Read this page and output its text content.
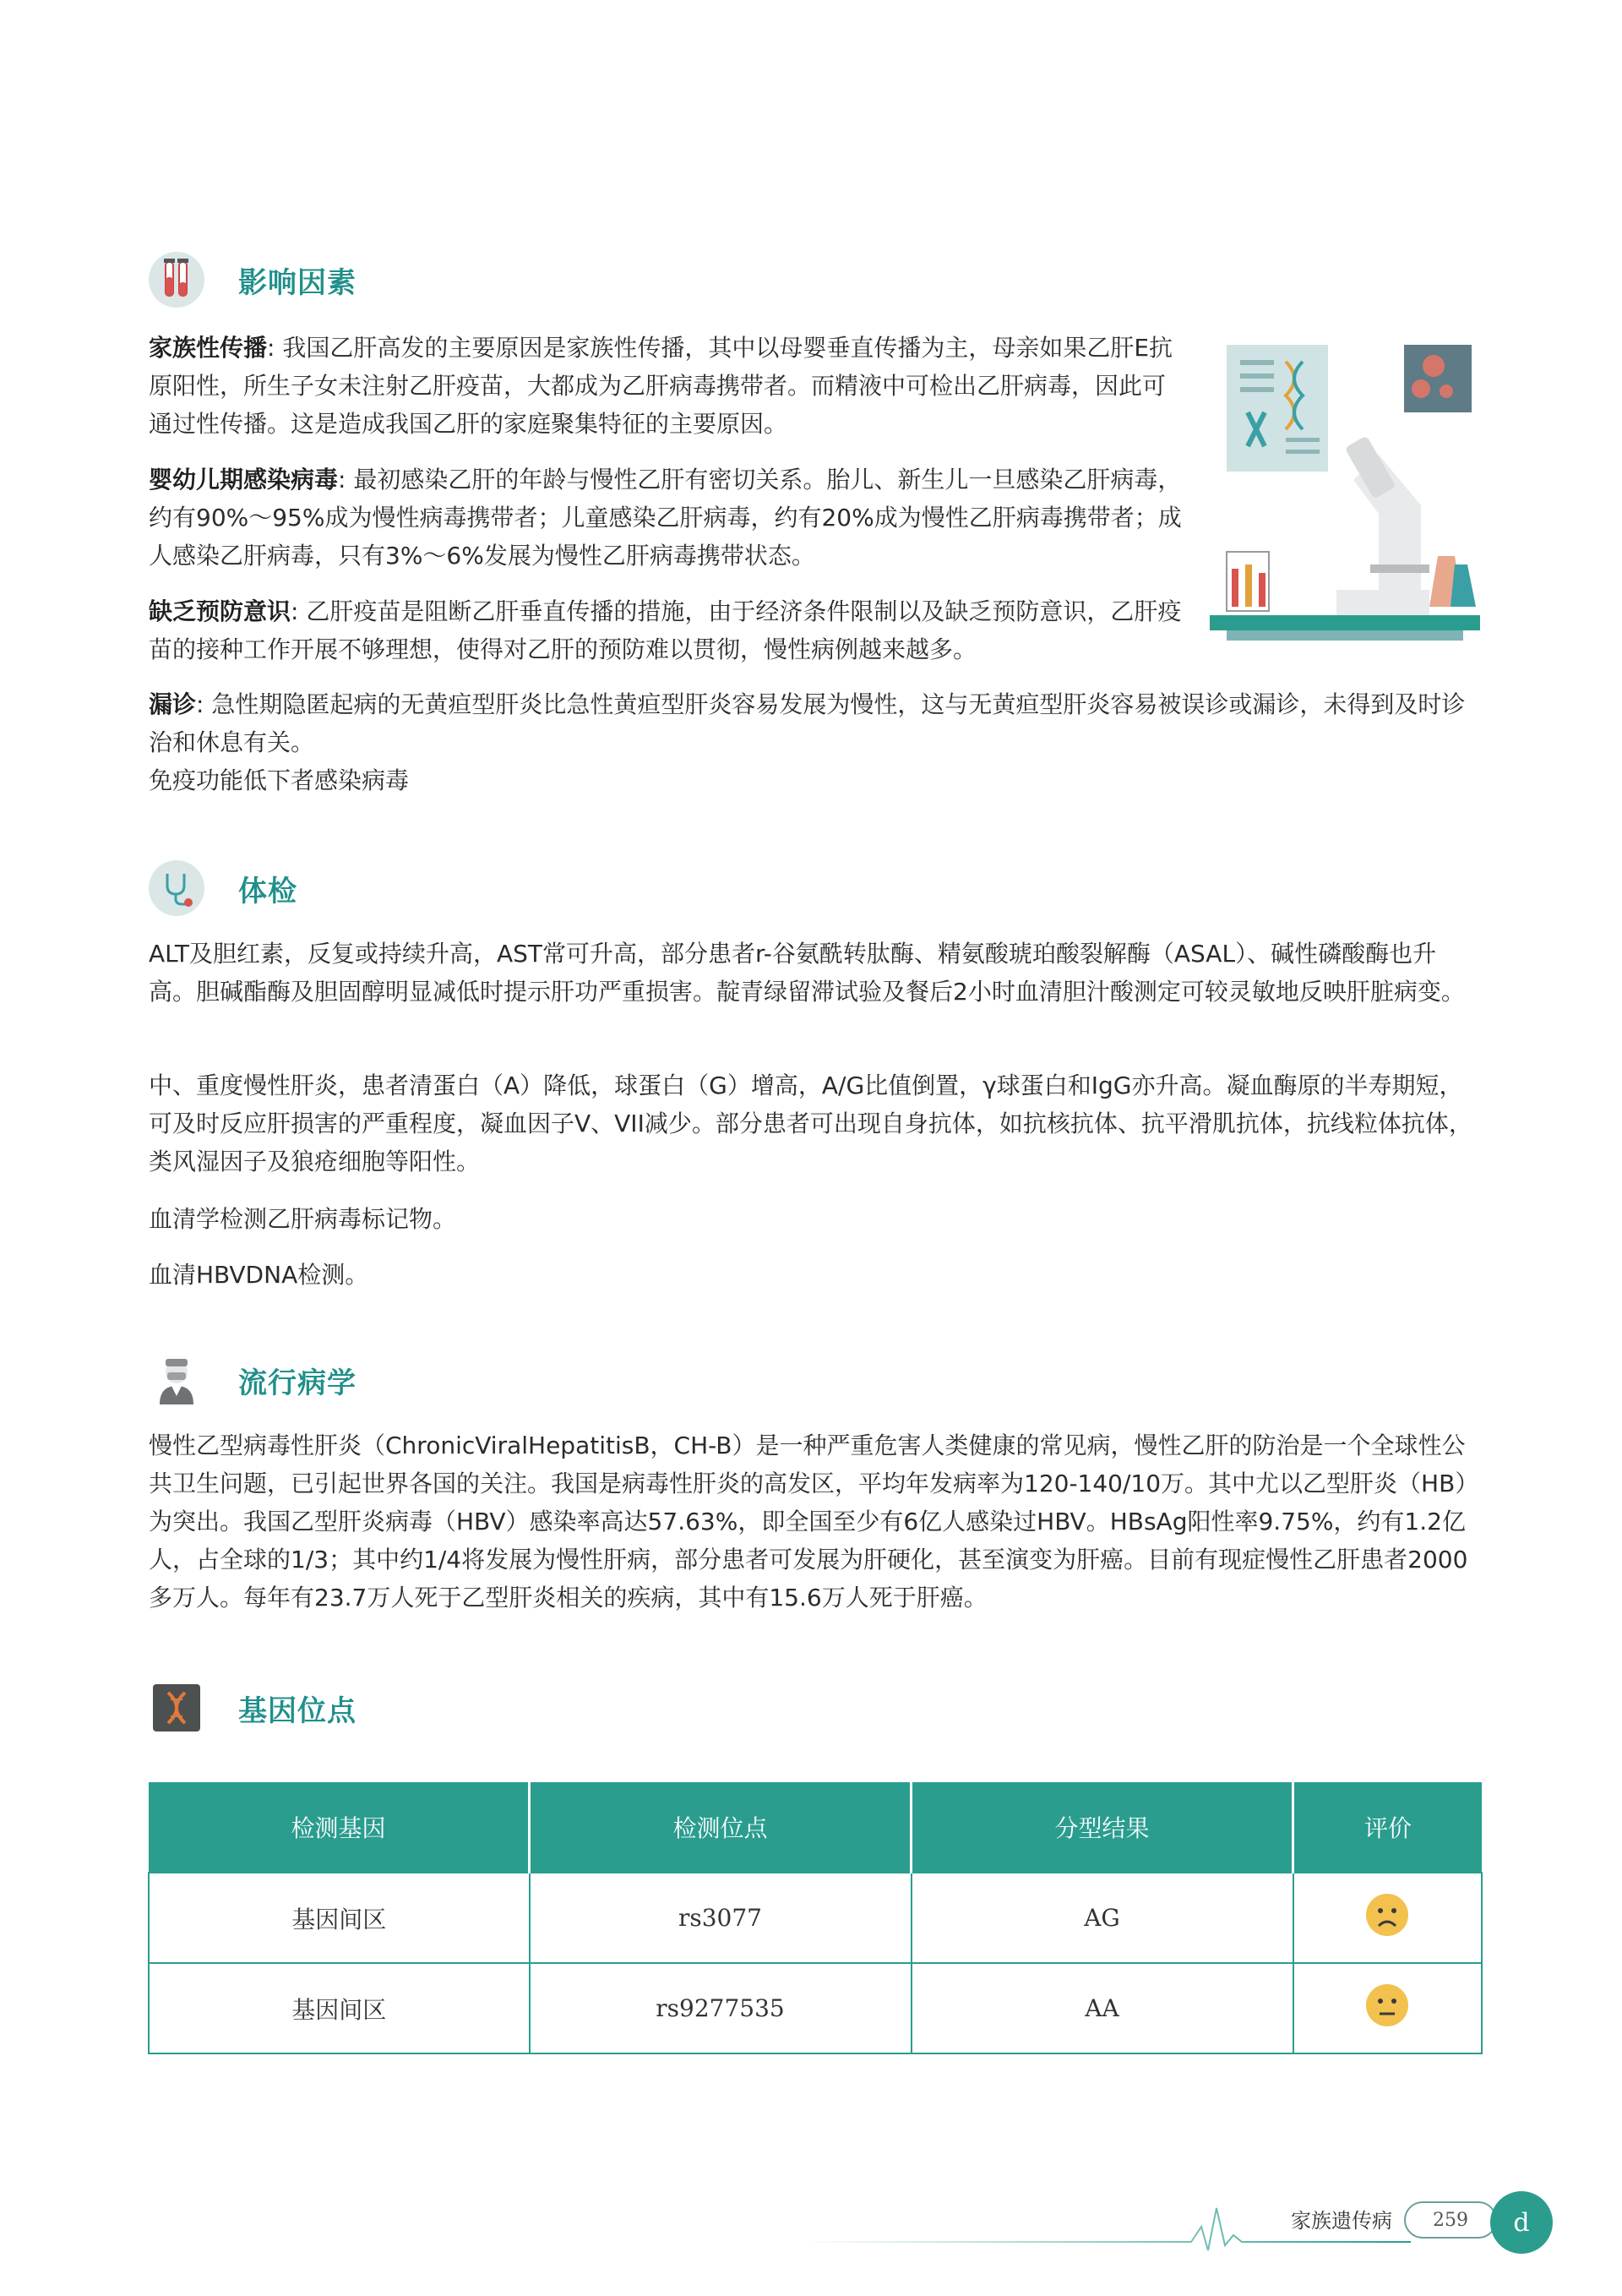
影响因素

家族性传播: 我国乙肝高发的主要原因是家族性传播，其中以母婴垂直传播为主，母亲如果乙肝E抗原阳性，所生子女未注射乙肝疫苗，大都成为乙肝病毒携带者。而精液中可检出乙肝病毒，因此可通过性传播。这是造成我国乙肝的家庭聚集特征的主要原因。

婴幼儿期感染病毒: 最初感染乙肝的年龄与慢性乙肝有密切关系。胎儿、新生儿一旦感染乙肝病毒，约有90%～95%成为慢性病毒携带者；儿童感染乙肝病毒，约有20%成为慢性乙肝病毒携带者；成人感染乙肝病毒，只有3%～6%发展为慢性乙肝病毒携带状态。

缺乏预防意识: 乙肝疫苗是阻断乙肝垂直传播的措施，由于经济条件限制以及缺乏预防意识，乙肝疫苗的接种工作开展不够理想，使得对乙肝的预防难以贯彻，慢性病例越来越多。

漏诊: 急性期隐匿起病的无黄疸型肝炎比急性黄疸型肝炎容易发展为慢性，这与无黄疸型肝炎容易被误诊或漏诊，未得到及时诊治和休息有关。

免疫功能低下者感染病毒
体检

ALT及胆红素，反复或持续升高，AST常可升高，部分患者r-谷氨酰转肽酶、精氨酸琥珀酸裂解酶（ASAL）、碱性磷酸酶也升高。胆碱酯酶及胆固醇明显减低时提示肝功严重损害。靛青绿留滞试验及餐后2小时血清胆汁酸测定可较灵敏地反映肝脏病变。

中、重度慢性肝炎，患者清蛋白（A）降低，球蛋白（G）增高，A/G比值倒置，γ球蛋白和IgG亦升高。凝血酶原的半寿期短，可及时反应肝损害的严重程度，凝血因子V、VII减少。部分患者可出现自身抗体，如抗核抗体、抗平滑肌抗体，抗线粒体抗体，类风湿因子及狼疮细胞等阳性。

血清学检测乙肝病毒标记物。

血清HBVDNA检测。

流行病学

慢性乙型病毒性肝炎（ChronicViralHepatitisB，CH-B）是一种严重危害人类健康的常见病，慢性乙肝的防治是一个全球性公共卫生问题，已引起世界各国的关注。我国是病毒性肝炎的高发区，平均年发病率为120-140/10万。其中尤以乙型肝炎（HB）为突出。我国乙型肝炎病毒（HBV）感染率高达57.63%，即全国至少有6亿人感染过HBV。HBsAg阳性率9.75%，约有1.2亿人，占全球的1/3；其中约1/4将发展为慢性肝病，部分患者可发展为肝硬化，甚至演变为肝癌。目前有现症慢性乙肝患者2000多万人。每年有23.7万人死于乙型肝炎相关的疾病，其中有15.6万人死于肝癌。

基因位点
检测基因	检测位点	分型结果	评价
基因间区	rs3077	AG	
基因间区	rs9277535	AA	
家族遗传病	259	d
